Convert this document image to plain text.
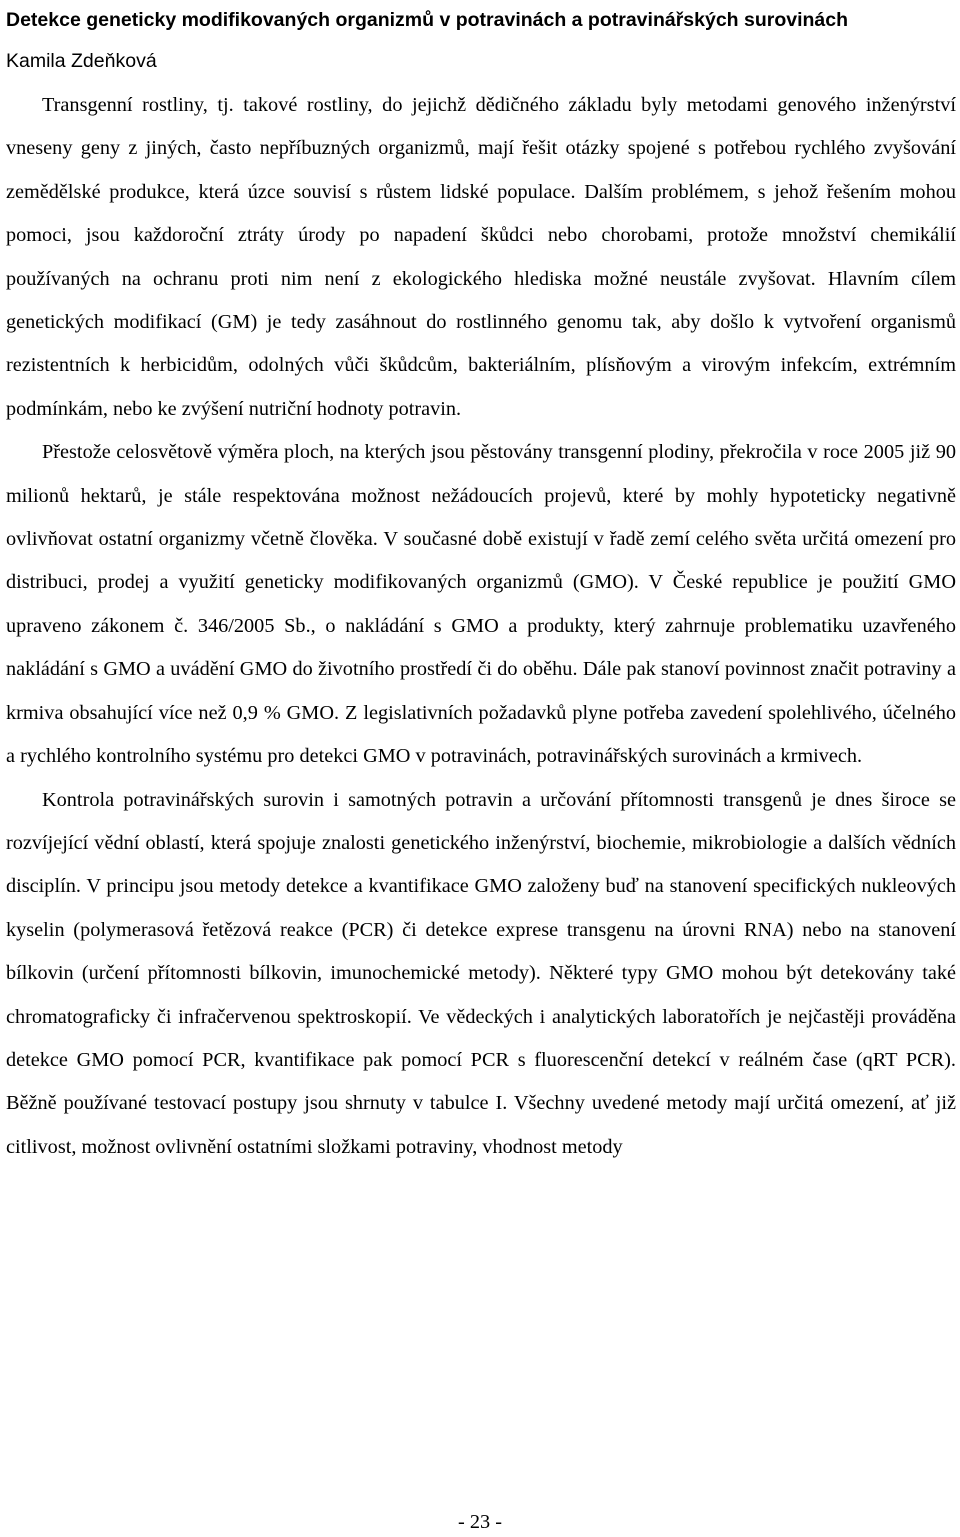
Detekce geneticky modifikovaných organizmů v potravinách a potravinářských surovinách
Kamila Zdeňková

Transgenní rostliny, tj. takové rostliny, do jejichž dědičného základu byly metodami genového inženýrství vneseny geny z jiných, často nepříbuzných organizmů, mají řešit otázky spojené s potřebou rychlého zvyšování zemědělské produkce, která úzce souvisí s růstem lidské populace. Dalším problémem, s jehož řešením mohou pomoci, jsou každoroční ztráty úrody po napadení škůdci nebo chorobami, protože množství chemikálií používaných na ochranu proti nim není z ekologického hlediska možné neustále zvyšovat. Hlavním cílem genetických modifikací (GM) je tedy zasáhnout do rostlinného genomu tak, aby došlo k vytvoření organismů rezistentních k herbicidům, odolných vůči škůdcům, bakteriálním, plísňovým a virovým infekcím, extrémním podmínkám, nebo ke zvýšení nutriční hodnoty potravin.

Přestože celosvětově výměra ploch, na kterých jsou pěstovány transgenní plodiny, překročila v roce 2005 již 90 milionů hektarů, je stále respektována možnost nežádoucích projevů, které by mohly hypoteticky negativně ovlivňovat ostatní organizmy včetně člověka. V současné době existují v řadě zemí celého světa určitá omezení pro distribuci, prodej a využití geneticky modifikovaných organizmů (GMO). V České republice je použití GMO upraveno zákonem č. 346/2005 Sb., o nakládání s GMO a produkty, který zahrnuje problematiku uzavřeného nakládání s GMO a uvádění GMO do životního prostředí či do oběhu. Dále pak stanoví povinnost značit potraviny a krmiva obsahující více než 0,9 % GMO. Z legislativních požadavků plyne potřeba zavedení spolehlivého, účelného a rychlého kontrolního systému pro detekci GMO v potravinách, potravinářských surovinách a krmivech.

Kontrola potravinářských surovin i samotných potravin a určování přítomnosti transgenů je dnes široce se rozvíjející vědní oblastí, která spojuje znalosti genetického inženýrství, biochemie, mikrobiologie a dalších vědních disciplín. V principu jsou metody detekce a kvantifikace GMO založeny buď na stanovení specifických nukleových kyselin (polymerasová řetězová reakce (PCR) či detekce exprese transgenu na úrovni RNA) nebo na stanovení bílkovin (určení přítomnosti bílkovin, imunochemické metody). Některé typy GMO mohou být detekovány také chromatograficky či infračervenou spektroskopií. Ve vědeckých i analytických laboratořích je nejčastěji prováděna detekce GMO pomocí PCR, kvantifikace pak pomocí PCR s fluorescenční detekcí v reálném čase (qRT PCR). Běžně používané testovací postupy jsou shrnuty v tabulce I. Všechny uvedené metody mají určitá omezení, ať již citlivost, možnost ovlivnění ostatními složkami potraviny, vhodnost metody

- 23 -
